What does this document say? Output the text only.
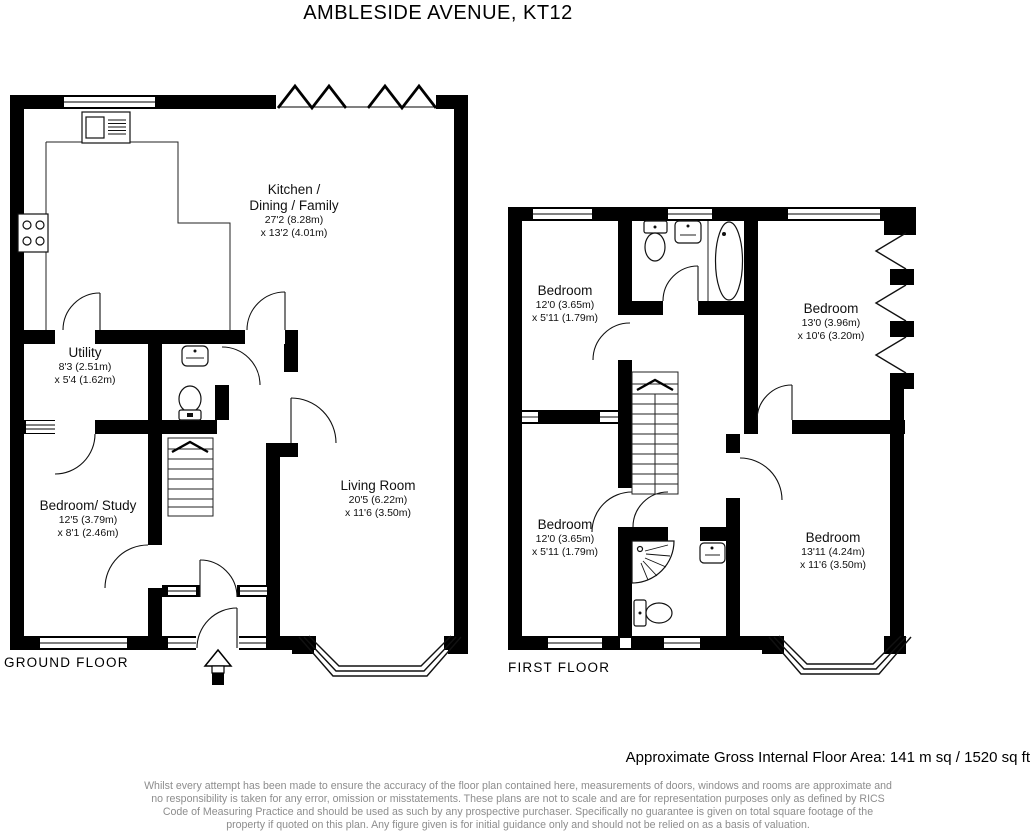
AMBLESIDE AVENUE, KT12
Kitchen /
Dining / Family
27'2 (8.28m)
x 13'2 (4.01m)
Utility
8'3 (2.51m)
x 5'4 (1.62m)
Bedroom/ Study
12'5 (3.79m)
x 8'1 (2.46m)
Living Room
20'5 (6.22m)
x 11'6 (3.50m)
Bedroom
12'0 (3.65m)
x 5'11 (1.79m)
Bedroom
13'0 (3.96m)
x 10'6 (3.20m)
Bedroom
12'0 (3.65m)
x 5'11 (1.79m)
Bedroom
13'11 (4.24m)
x 11'6 (3.50m)
GROUND FLOOR	FIRST FLOOR
Approximate Gross Internal Floor Area: 141 m sq / 1520 sq ft
Whilst every attempt has been made to ensure the accuracy of the floor plan contained here, measurements of doors, windows and rooms are approximate and
no responsibility is taken for any error, omission or misstatements. These plans are not to scale and are for representation purposes only as defined by RICS
Code of Measuring Practice and should be used as such by any prospective purchaser. Specifically no guarantee is given on total square footage of the
property if quoted on this plan. Any figure given is for initial guidance only and should not be relied on as a basis of valuation.
